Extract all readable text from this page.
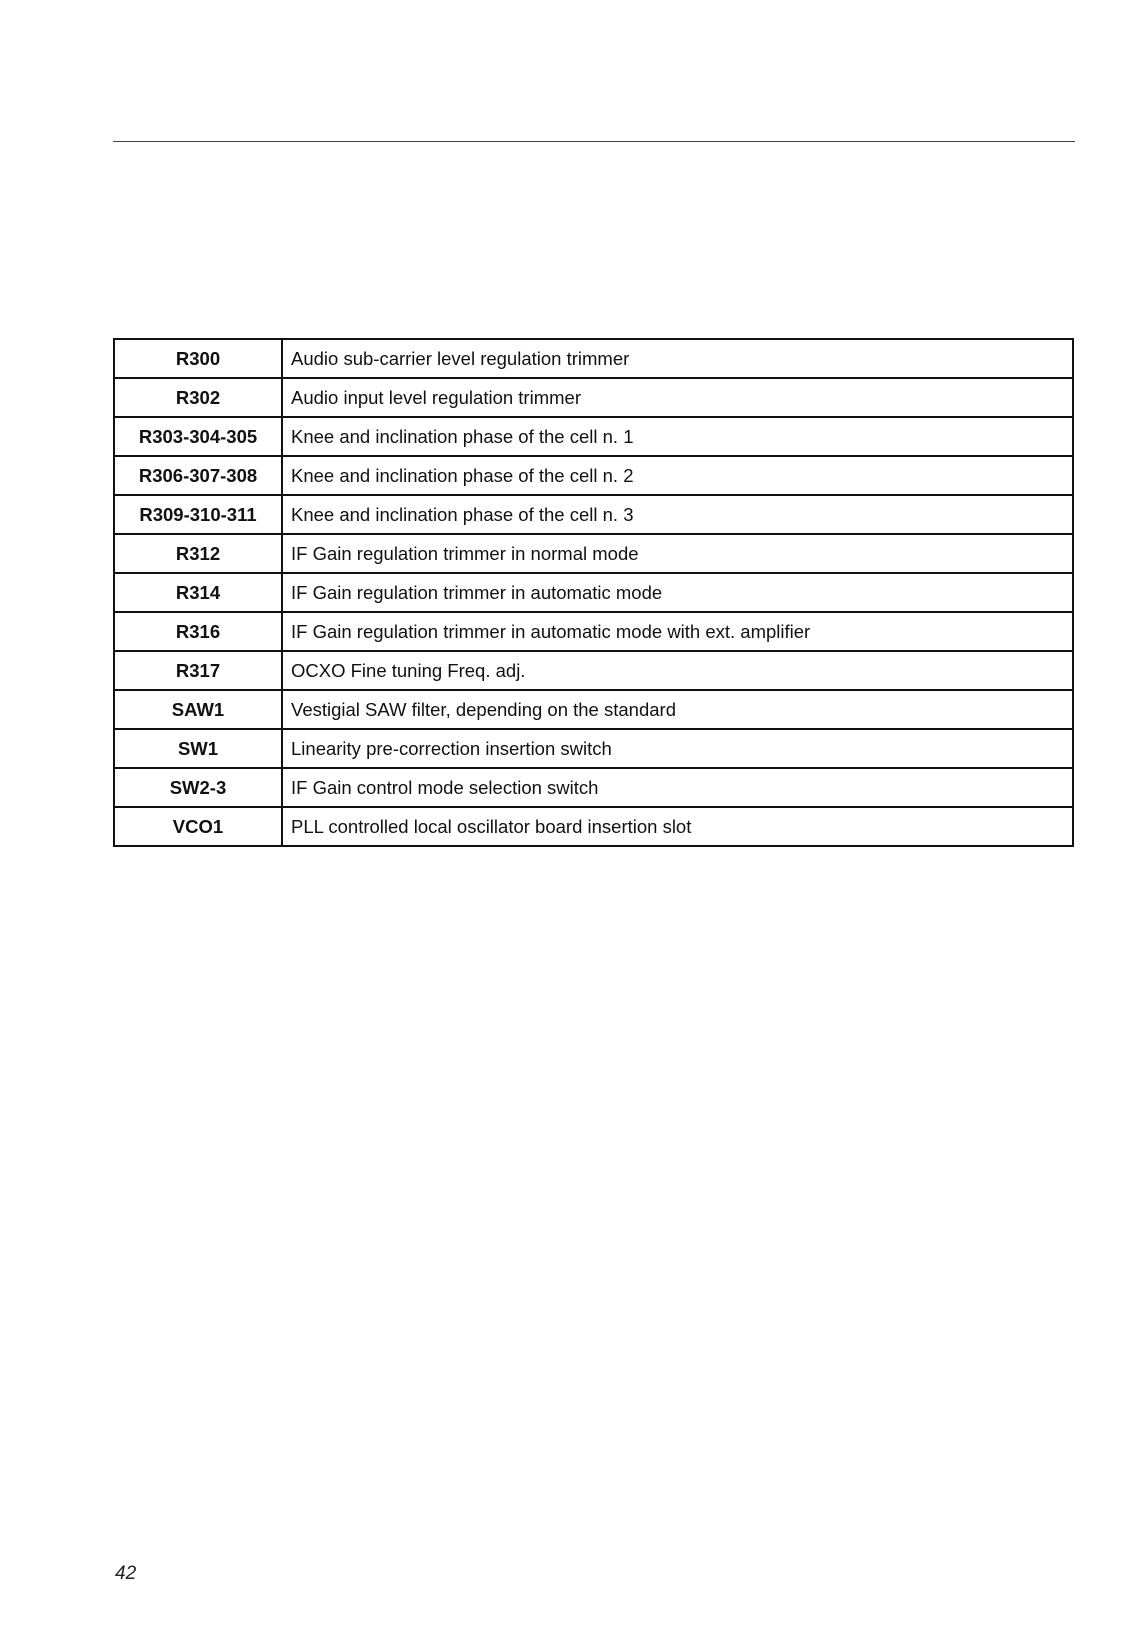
R300	Audio sub-carrier level regulation trimmer
R302	Audio input level regulation trimmer
R303-304-305	Knee and inclination phase of the cell n. 1
R306-307-308	Knee and inclination phase of the cell n. 2
R309-310-311	Knee and inclination phase of the cell n. 3
R312	IF Gain regulation trimmer in normal mode
R314	IF Gain regulation trimmer in automatic mode
R316	IF Gain regulation trimmer in automatic mode with ext. amplifier
R317	OCXO Fine tuning Freq. adj.
SAW1	Vestigial SAW filter, depending on the standard
SW1	Linearity pre-correction insertion switch
SW2-3	IF Gain control mode selection switch
VCO1	PLL controlled local oscillator board insertion slot
42
